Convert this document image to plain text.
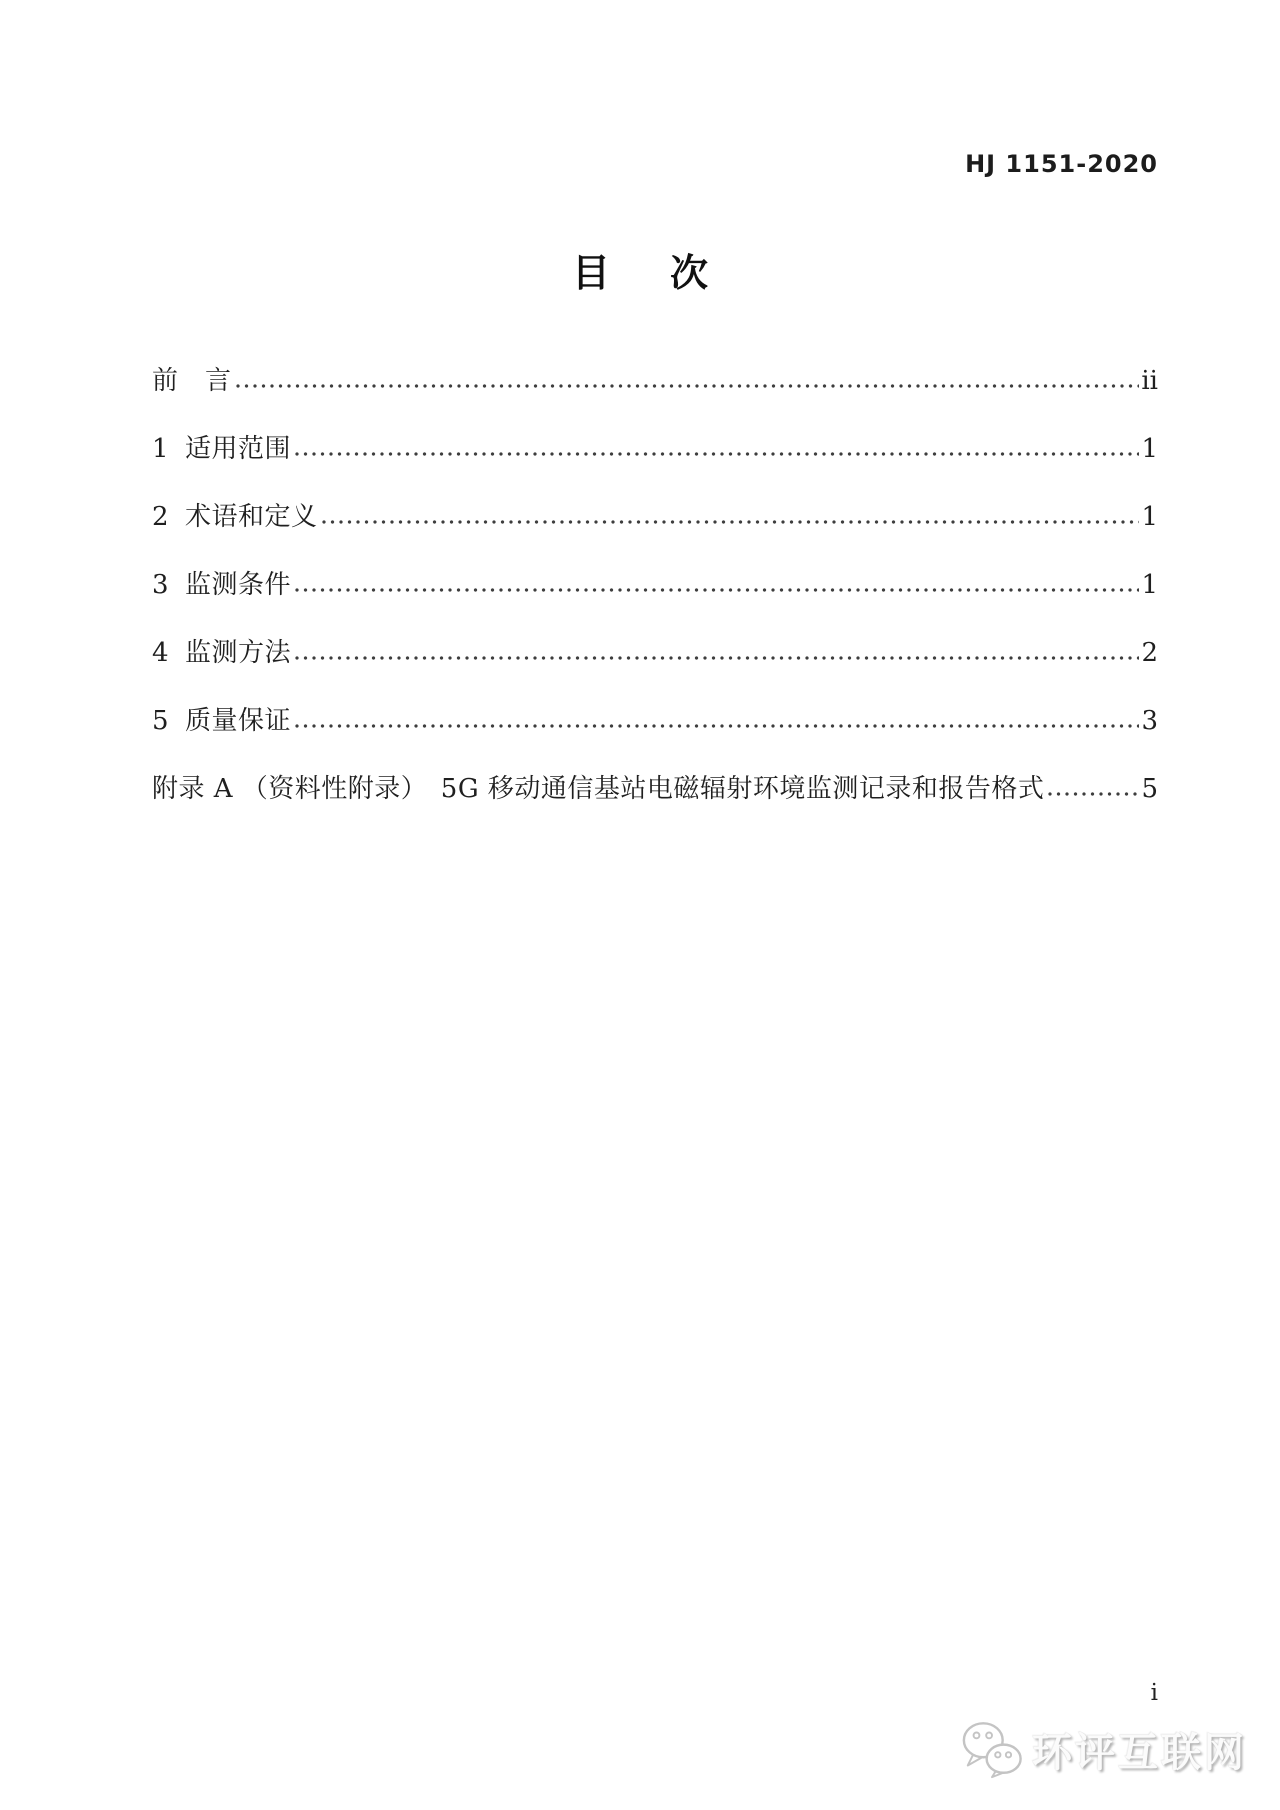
HJ 1151-2020
目 次
前　言	ii
1 适用范围	1
2 术语和定义	1
3 监测条件	1
4 监测方法	2
5 质量保证	3
附录 A （资料性附录）　5G 移动通信基站电磁辐射环境监测记录和报告格式	5
i
环评互联网
